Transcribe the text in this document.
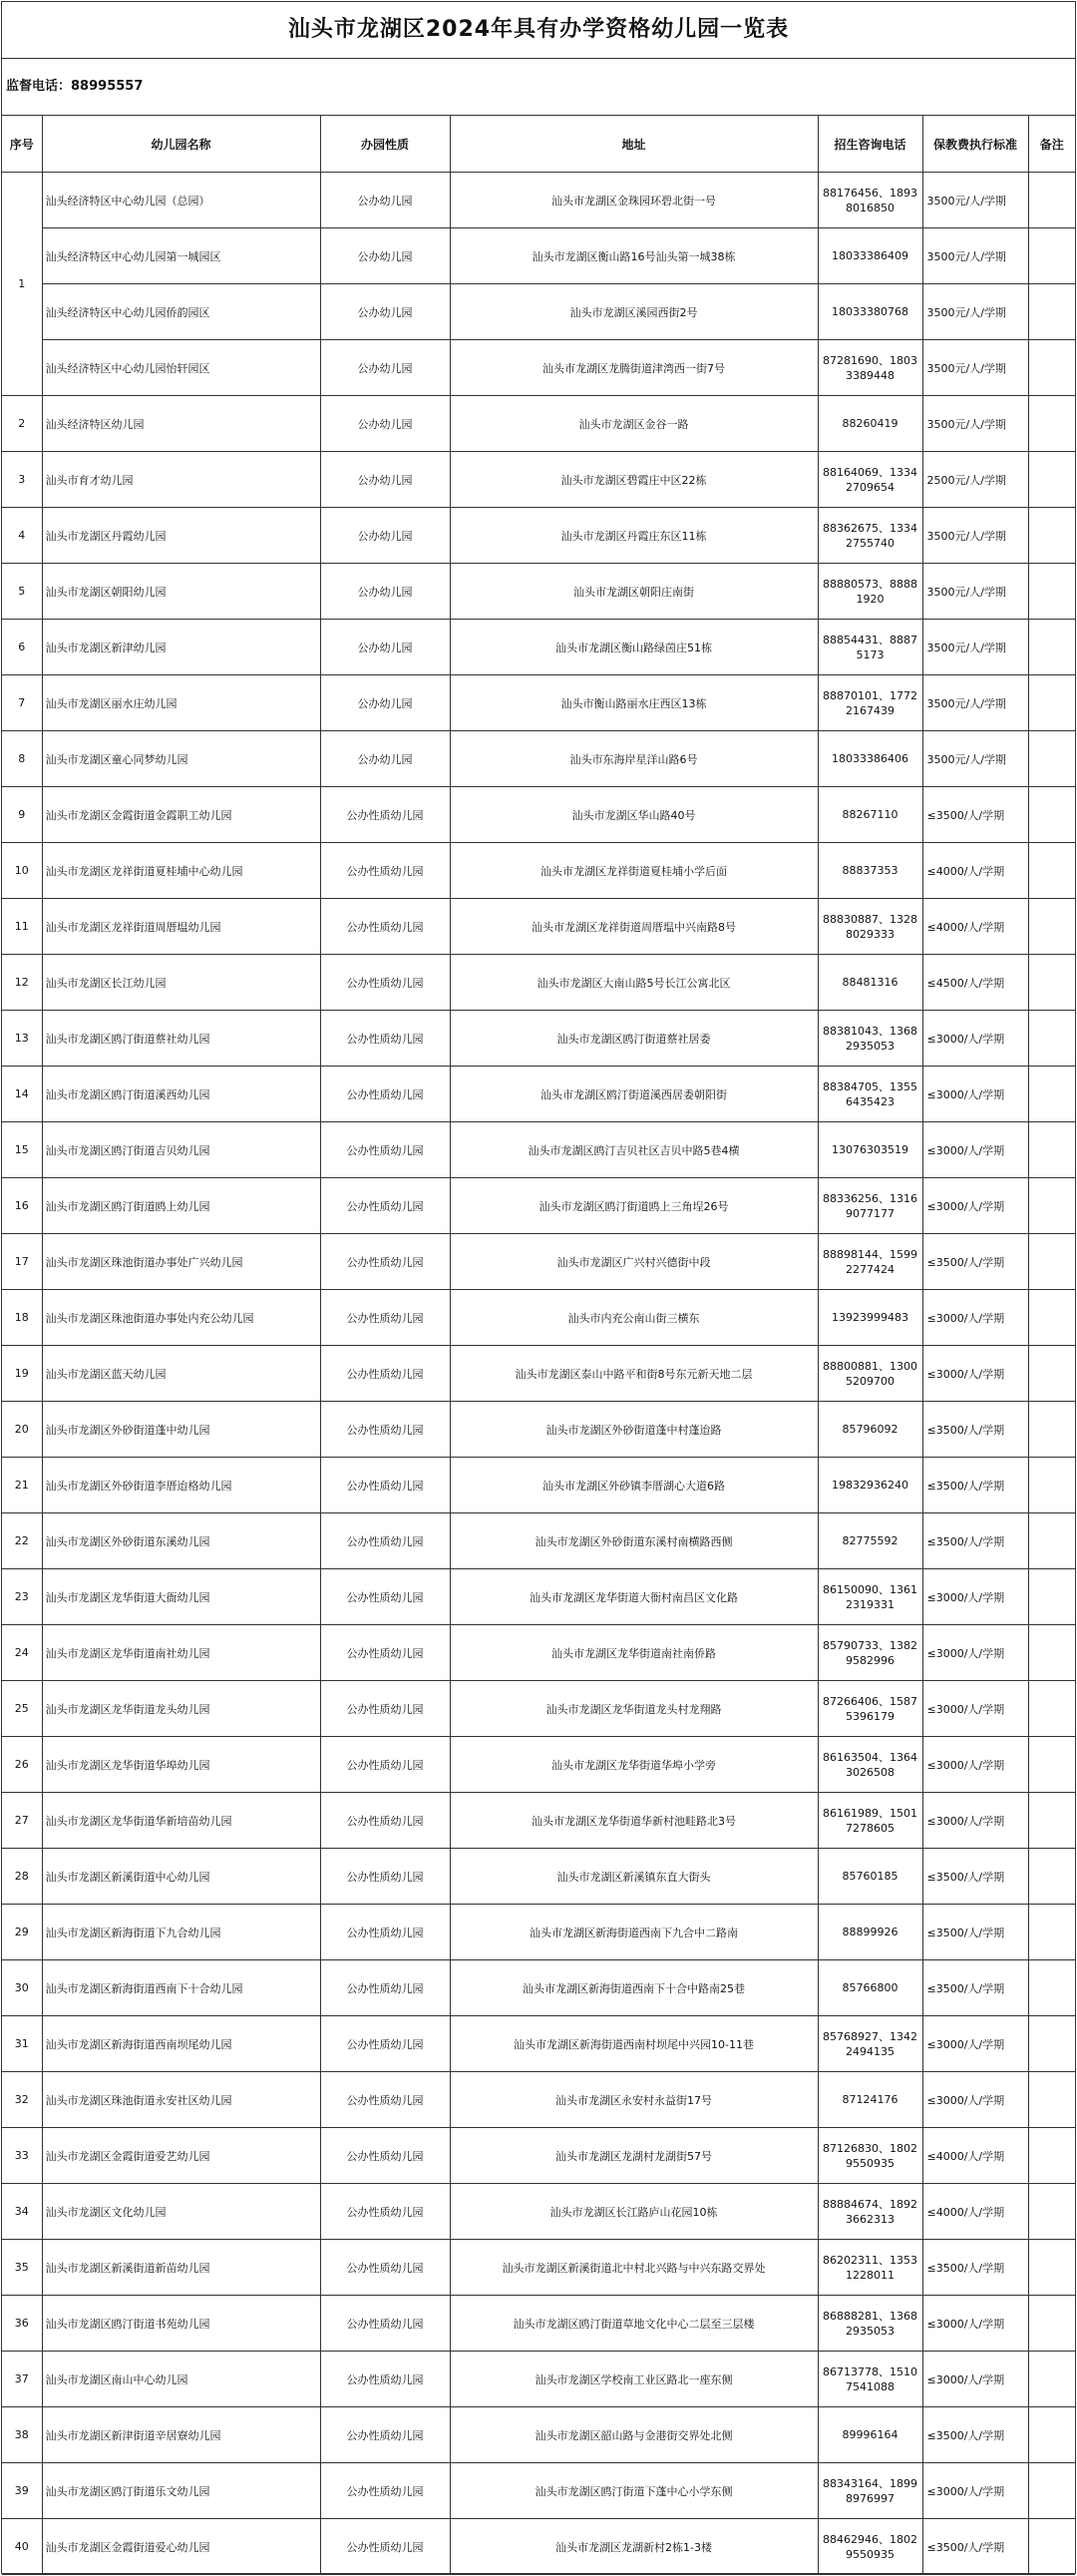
汕头市龙湖区2024年具有办学资格幼儿园一览表
监督电话：88995557
序号	幼儿园名称	办园性质	地址	招生咨询电话	保教费执行标准	备注
1	汕头经济特区中心幼儿园（总园）	公办幼儿园	汕头市龙湖区金珠园环碧北街一号	88176456、18938016850	3500元/人/学期	
	汕头经济特区中心幼儿园第一城园区	公办幼儿园	汕头市龙湖区衡山路16号汕头第一城38栋	18033386409	3500元/人/学期	
	汕头经济特区中心幼儿园侨韵园区	公办幼儿园	汕头市龙湖区溪园西街2号	18033380768	3500元/人/学期	
	汕头经济特区中心幼儿园怡轩园区	公办幼儿园	汕头市龙湖区龙腾街道津湾西一街7号	87281690、18033389448	3500元/人/学期	
2	汕头经济特区幼儿园	公办幼儿园	汕头市龙湖区金谷一路	88260419	3500元/人/学期	
3	汕头市育才幼儿园	公办幼儿园	汕头市龙湖区碧霞庄中区22栋	88164069、13342709654	2500元/人/学期	
4	汕头市龙湖区丹霞幼儿园	公办幼儿园	汕头市龙湖区丹霞庄东区11栋	88362675、13342755740	3500元/人/学期	
5	汕头市龙湖区朝阳幼儿园	公办幼儿园	汕头市龙湖区朝阳庄南街	88880573、88881920	3500元/人/学期	
6	汕头市龙湖区新津幼儿园	公办幼儿园	汕头市龙湖区衡山路绿茵庄51栋	88854431、88875173	3500元/人/学期	
7	汕头市龙湖区丽水庄幼儿园	公办幼儿园	汕头市衡山路丽水庄西区13栋	88870101、17722167439	3500元/人/学期	
8	汕头市龙湖区童心同梦幼儿园	公办幼儿园	汕头市东海岸星洋山路6号	18033386406	3500元/人/学期	
9	汕头市龙湖区金霞街道金霞职工幼儿园	公办性质幼儿园	汕头市龙湖区华山路40号	88267110	≤3500/人/学期	
10	汕头市龙湖区龙祥街道夏桂埔中心幼儿园	公办性质幼儿园	汕头市龙湖区龙祥街道夏桂埔小学后面	88837353	≤4000/人/学期	
11	汕头市龙湖区龙祥街道周厝塭幼儿园	公办性质幼儿园	汕头市龙湖区龙祥街道周厝塭中兴南路8号	88830887、13288029333	≤4000/人/学期	
12	汕头市龙湖区长江幼儿园	公办性质幼儿园	汕头市龙湖区大南山路5号长江公寓北区	88481316	≤4500/人/学期	
13	汕头市龙湖区鸥汀街道蔡社幼儿园	公办性质幼儿园	汕头市龙湖区鸥汀街道蔡社居委	88381043、13682935053	≤3000/人/学期	
14	汕头市龙湖区鸥汀街道溪西幼儿园	公办性质幼儿园	汕头市龙湖区鸥汀街道溪西居委朝阳街	88384705、13556435423	≤3000/人/学期	
15	汕头市龙湖区鸥汀街道吉贝幼儿园	公办性质幼儿园	汕头市龙湖区鸥汀吉贝社区吉贝中路5巷4横	13076303519	≤3000/人/学期	
16	汕头市龙湖区鸥汀街道鸥上幼儿园	公办性质幼儿园	汕头市龙湖区鸥汀街道鸥上三角埕26号	88336256、13169077177	≤3000/人/学期	
17	汕头市龙湖区珠池街道办事处广兴幼儿园	公办性质幼儿园	汕头市龙湖区广兴村兴德街中段	88898144、15992277424	≤3500/人/学期	
18	汕头市龙湖区珠池街道办事处内充公幼儿园	公办性质幼儿园	汕头市内充公南山街三横东	13923999483	≤3000/人/学期	
19	汕头市龙湖区蓝天幼儿园	公办性质幼儿园	汕头市龙湖区泰山中路平和街8号东元新天地二层	88800881、13005209700	≤3000/人/学期	
20	汕头市龙湖区外砂街道蓬中幼儿园	公办性质幼儿园	汕头市龙湖区外砂街道蓬中村蓬迨路	85796092	≤3500/人/学期	
21	汕头市龙湖区外砂街道李厝迨格幼儿园	公办性质幼儿园	汕头市龙湖区外砂镇李厝湖心大道6路	19832936240	≤3500/人/学期	
22	汕头市龙湖区外砂街道东溪幼儿园	公办性质幼儿园	汕头市龙湖区外砂街道东溪村南横路西侧	82775592	≤3500/人/学期	
23	汕头市龙湖区龙华街道大衙幼儿园	公办性质幼儿园	汕头市龙湖区龙华街道大衙村南昌区文化路	86150090、13612319331	≤3000/人/学期	
24	汕头市龙湖区龙华街道南社幼儿园	公办性质幼儿园	汕头市龙湖区龙华街道南社南侨路	85790733、13829582996	≤3000/人/学期	
25	汕头市龙湖区龙华街道龙头幼儿园	公办性质幼儿园	汕头市龙湖区龙华街道龙头村龙翔路	87266406、15875396179	≤3000/人/学期	
26	汕头市龙湖区龙华街道华埠幼儿园	公办性质幼儿园	汕头市龙湖区龙华街道华埠小学旁	86163504、13643026508	≤3000/人/学期	
27	汕头市龙湖区龙华街道华新培苗幼儿园	公办性质幼儿园	汕头市龙湖区龙华街道华新村池畦路北3号	86161989、15017278605	≤3000/人/学期	
28	汕头市龙湖区新溪街道中心幼儿园	公办性质幼儿园	汕头市龙湖区新溪镇东直大街头	85760185	≤3500/人/学期	
29	汕头市龙湖区新海街道下九合幼儿园	公办性质幼儿园	汕头市龙湖区新海街道西南下九合中二路南	88899926	≤3500/人/学期	
30	汕头市龙湖区新海街道西南下十合幼儿园	公办性质幼儿园	汕头市龙湖区新海街道西南下十合中路南25巷	85766800	≤3500/人/学期	
31	汕头市龙湖区新海街道西南坝尾幼儿园	公办性质幼儿园	汕头市龙湖区新海街道西南村坝尾中兴园10-11巷	85768927、13422494135	≤3000/人/学期	
32	汕头市龙湖区珠池街道永安社区幼儿园	公办性质幼儿园	汕头市龙湖区永安村永益街17号	87124176	≤3000/人/学期	
33	汕头市龙湖区金霞街道爱艺幼儿园	公办性质幼儿园	汕头市龙湖区龙湖村龙湖街57号	87126830、18029550935	≤4000/人/学期	
34	汕头市龙湖区文化幼儿园	公办性质幼儿园	汕头市龙湖区长江路庐山花园10栋	88884674、18923662313	≤4000/人/学期	
35	汕头市龙湖区新溪街道新苗幼儿园	公办性质幼儿园	汕头市龙湖区新溪街道北中村北兴路与中兴东路交界处	86202311、13531228011	≤3500/人/学期	
36	汕头市龙湖区鸥汀街道书苑幼儿园	公办性质幼儿园	汕头市龙湖区鸥汀街道草地文化中心二层至三层楼	86888281、13682935053	≤3000/人/学期	
37	汕头市龙湖区南山中心幼儿园	公办性质幼儿园	汕头市龙湖区学校南工业区路北一座东侧	86713778、15107541088	≤3000/人/学期	
38	汕头市龙湖区新津街道辛居寮幼儿园	公办性质幼儿园	汕头市龙湖区韶山路与金港街交界处北侧	89996164	≤3500/人/学期	
39	汕头市龙湖区鸥汀街道乐文幼儿园	公办性质幼儿园	汕头市龙湖区鸥汀街道下蓬中心小学东侧	88343164、18998976997	≤3000/人/学期	
40	汕头市龙湖区金霞街道爱心幼儿园	公办性质幼儿园	汕头市龙湖区龙湖新村2栋1-3楼	88462946、18029550935	≤3500/人/学期	
